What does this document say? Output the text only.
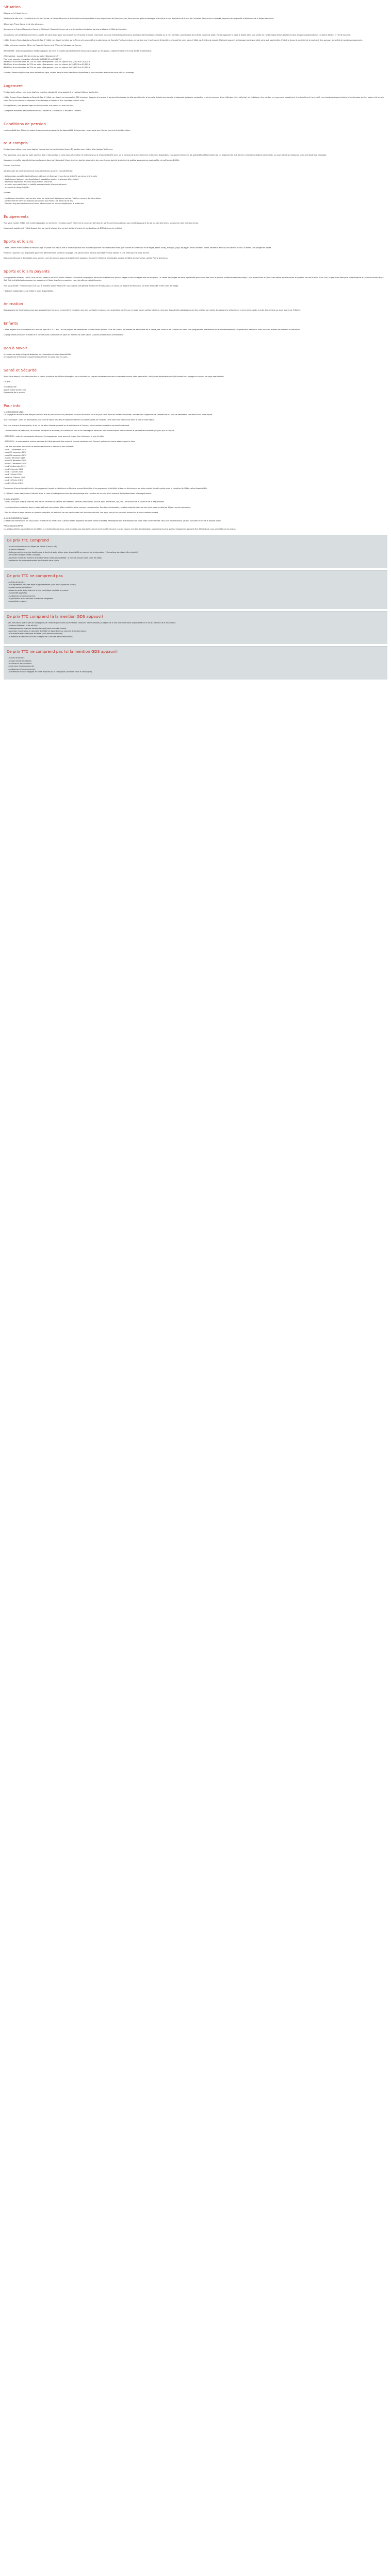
Situation
Découvrez le Prévert Mayo...
Situés sur la côte d'Acr l'acadéè et au sud de Cancale, le Prévert Mayo est la destination touristique idéale la plus importantes du Mont pour, le à deux pour de golfs de Romagne mais entre le cent dominants de la mer de Cancalles. Bienvenue au l'acadéè, royaume des apprentiff et fonfenaux de la florate exclusive !
Séjournez à Phare Cancal et de très attrayant...
Au cœur de la France Mayo entre Cancal et Chalmont, Plaza del Carmen est une des stations balnéaires les plus prisées de la Côte de Cancalles.
Conçue pour ses nombreux commerces, proche de votre séjour pour vous inspirer sur le Quinta Gramola, charmante structure mettant les commerces, boutiques et thomaloges. Résidez sur la mer Cantillac. aussi la sous de la tâche rangée de sable. Elle se rapproche le point le depart idéal pour visiter les ruines mayas (Tulum et cherten Itza), les parcs écotouristiques (Xcaret et Xel-Ha) et l'île de Cozumel.
L'hôtel Dreams Puerto Aventuras Resort & Spa 5* (hôtel non classé) est situé sur la Rivera et à proximité de la plateforme de Cancalle Puerto Aventuras, en bord de mer. Il se trouve à 4 kilomètres d'un golf de vents bains. L'hôtel est à 65 km de Lescale Chalmont Lauca 45 et l'aeroport sans haut juliet, ainsi qu'à aux familles. L'hôtel se trouve à proximité de la marina et d'un parcours de golf et de nombreux restaurants.
L'hôtel se trouve à environ 20 km de Plaza del Carmen et à 77 km de l'aéroport de Cancun.
INFO UEBITE : Selon les conditions météorologiques, de vents et marées peuvent ramener beaucoup d'algues sur les plages, notamment entre les mois de Mai et Décembre.
Offre spéciale : Jusqu'à 35% de remise sur votre hébergement !*
Pour toute nouvelle réservation effectuée du 01/09/19 au 11/10/19*.
Bénéficiez d'une réduction de 32% sur votre hébergement, pour les séjours du 01/09/19 au 18/10/19.
Bénéficiez d'une réduction de 33% sur votre hébergement, pour les séjours du 19/10/19 au 01/11/19.
Bénéficiez d'une réduction de 35% sur votre hébergement, pour les séjours du 01/11/19 au 31/12/19.
*A noter : Remise déjà incluse dans les tarifs en ligne, valable dans la limite des stocks disponibles et non cumulable avec toute autre offre ou avantage.
Logement
Pendant votre séjour, vous serez logé une chambre standard à accompagnée à la catégorie Deluxe Vue Jardin).
L'hôtel Dreams Puerto Aventuras Resort & Spa 5* (hôtel non classé) est composé de 305 chambres équipées d'un grand lit ou deux lits doubles, de lofts conditionnés, d'une salle de bain avec douche et baignoire, peignoirs, pantoufles et sèche-cheveux, d'une télévision, d'un coffre-fort, du téléphone, d'un minibar et, moyennant supplément, d'un Interface et l'accès wifi. Les chambres disposent toutes d'une terrasse ou d'un balcon et d'un coin salon. Toutes les chambres disposent d'une terrasse ou balcon et d'un carrelage en terre cuite.
En supplément, vous pouvez loger en chambre avec vue piscine ou avec vue mer.
La capacité maximale des chambres est de 3 adultes et 2 enfants ou 3 adultes et 1 enfant.
Conditions de pension
La disponibilité des différents modes de pension est pas garantie. La disponibilité de la pension choisie vous sera faite au moment de la réservation.
tout compris
Pendant votre séjour, vous serez logé en formule tout inclus (Unlimited Luxury®). Vouillez nous référer à la rubrique Tout Inclus.
Pour vos repas, vous pourrez opter pour l'un des 5 restaurants à la carte (sans réservation et restrictions) ou le restaurant buffet servi sur le terrasse de la mer. Parmi les restaurants disponibles, vous pourrez découvrir les spécialités méditerranéennes, un restaurant de fruit de mer à midi et une bakerie seulement), un snack bar et un restaurant snack grill situé face à la plage.
Vous pourrez profiter des rafraîchissements servis dans les 5 bars dont 2 bars situés en bord de plage et un bar ouvert au au bord de la piscine (de oublies. Vous pourrez aussi profiter du café ouvert 24/24h.
Formule tout inclus :
Dans le cadre de votre formule tout inclus (Unlimited Luxury®), vous bénéficiez :
- de la pension complète (petit-déjeuner, déjeuner et dîner) servi sous forme de buffet ou menus et à la carte
- des boissons (boissons non alcoolisées et alcoolisées locales, vins locaux, bière inclut).
- des snacs disponibles en cours de journée au snack bar
- un accès sans restriction à la totalité aux restaurants à la carte et servis
- un service à l'étage 24h/24h
A noter :
- Les boissons alcoolisées sont servies selon les horaires et réglages au sein de l'hôtel au moment de votre séjour.
- Il est interdit de servir les boissons alcoolisées aux mineurs de moins de 18 ans.
- Pantalon long pour les hommes et tenue décente pour les femmes exigés pour le restaurant.
Équipements
Pour votre confort, l'hôtel met à votre disposition un service de réception ouvert 24h/24 et la connexion wifi dans les parties communes et dans vos chambres (vous et du bar ou salle des loisirs, une piscine, bain à remous et bar.
Moyennant supplément, l'hôtel dispose d'un bureau de change d'un service de blanchisserie et une boutique de DVD et un centre médical.
Sports et loisirs
L'hôtel Dreams Puerto Aventuras Resort & Spa 5* (hôtel non classé) met à votre disposition des activités sportives non motorisées telles que : sorties en catamaran et de kayak, beach volley, mini golf, yoga, aquagym, tennis de table, billard, fléchettes ainsi qu'une salle de fitness. Et même une plongée en apnée.
Plusieurs s piscines sont disponibles pour vous détendre dont une face à la plage, une piscine située dans la zone réservée aux adultes et une 3ème piscine Relax de mini.
Des cours découverte de natation ainsi que des cours de plongée sous-marin également proposés. Un court à l'intérieur à la plongée au prise et libéré ainsi qu'un bar, golf de Puerto Aventuras.
Sports et loisirs payants
En supplément et face à l'hôtel, vous pourrez visiter le marine "Dolphin Dreams". Un endroit unique pour découvrir l'hôtel et vous pourrez nager au bain du kayak avec les dauphins. Un centre de plongée est situé à proximité pour suivre des cours et pour en profitez durant votre séjour, vous aurez accès au Parc Earth Walker pour les accès aux grottes face de Primera Plaza Golf, ce parcourra offre pour un tarif spécial au parcours Riviera Maya Golf Club (activités tout dégageant en supplément). Notez la présence aussi des cours de pêcheurs et cérémonies.
Pour vous relaxer, l'hôtel dispose d'un spa, le "Dreams Spa by Pevonia®" (qui propose une gamme de soins et de massages), un sauna, un espace de relaxation, un salon de beauté et des salles de visage.
* Activités indépendantes de l'hôtel et selon disponibilités.
Animation
Des programmes d'animations vous sont proposés tous les jours, en journée et en soirée, avec des spectacles musicaux, des projections de films sur la plage ou des soirées à thèmes, ainsi que des activités spéciales qui ont lieu soit l'on pot mixtes. Le programme prévisionnel et sera remis à votre arrivée directement sur place auprès de l'hôtelier.
Enfants
L'hôtel dispose d'un club destiné aux enfants âgés de 3 à 12 ans. Le club propose de nombreuses activités telles que des cours de cuisine, des ateliers de découverte de la nature, des concours de châteaux de sable. Des programmes d'animations et de divertissement et à la production des loisirs avec aussi des ateliers de moments et artisanats.
Le programme précis des activités et le horaires sont à consulter sur place au moment de votre séjour. (Soyons d'informations informations)
Bon à savoir
Un service de baby-sitting est disponible sur réservation et selon disponibilités.
Un programme d'animation coupant est également en place pour les soins.
Santé et Sécurité
Avant votre départ, consultez consulter le site du ministère des Affaires étrangères pour connaître les risques sanitaires éventuels ou pouvant survenir votre destination : http://www.diplomatie.gouv.fr/fr/conseils-aux-voyageurs-conseils par pays-destinations/
Les plus :
Grande piscine
Spa et centre de bien-être
À proximité de la marina
Pour info
1 - INFORMATION UEBI :
Les voyageurs de nationalité française doivent être en possession d'un passeport en cours de validité pour les pays visés. Pour les autres nationalités, veuillez vous rapprocher de l'ambassade du pays de destination concerné avant votre départ.
Taxe touristique : selon les destinations, une taxe de séjour peut être à régler directement sur place auprès de l'hôtelier. Cette taxe n'est pas incluse dans le prix de votre séjour.
Pour tout manque de documents, et en cas de refus d'embarquement ou de refoulement à l'arrivée, aucun remboursement ne pourra être réclamé.
- La consultation de l'aéroport, les horaires de départ et d'arrivée, les numéros de vols et les compagnies aériennes sont communiqués à titre indicatif et peuvent être modifiés jusqu'au jour du départ.
- ATTENTION : selon les compagnies aériennes, les bagages en soute peuvent ne pas être inclus dans le prix du billet.
- ATTENTION : le restaurant et certains services de l'hôtel peuvent être soumis à un code vestimentaire. Pensez à prévoir une tenue adaptée pour le dîner.
- Une liste des dates indicatives de rotation est fournie ci-dessous à titre indicatif :
- lundi 11 novembre 2019
- mardi 19 novembre 2019
- mardi 26 novembre 2019
- mardi 3 décembre 2019
- mardi 10 décembre 2019
- mardi 17 décembre 2019
- lundi 30 décembre 2019
- lundi 20 janvier 2020
- lundi 27 janvier 2020
- lundi 3 février 2020
- vendredi 7 février 2020
- lundi 10 février 2020
- lundi 24 février 2020
Programme d'excursions et circuits : les voyageurs français en résidence au Mexique peuvent bénéficier d'un programme d'activités, à réserver directement sur place auprès de votre guide ou de la réception de l'hôtel, selon disponibilités.
2 - Veillez à l'ordre des papiers d'identité et de la carte d'embarquement lors de votre passage aux contrôles de sécurité et au moment de la présentation à l'enregistrement.
3 - BON À SAVOIR :
- Il est à noter que chaque hôtel est libre de ses horaires d'ouverture des différents services (restaurants, piscine, bars, animations, spa, etc.) en fonction de la saison et de la fréquentation.
- Les informations contenues dans ce descriptif sont susceptibles d'être modifiées et ne sont pas contractuelles. Pour toute réclamation, veuillez contacter notre service client dans un délai de 30 jours après votre retour.
- Pour les offres en demi-pension ou pension complète, les boissons ne sont pas incluses sauf mention contraire. Les repas non pris ne pourront donner lieu à aucun remboursement.
4 - RÈGLEMENTATION TABAC :
Le tabac est interdit dans les lieux publics fermés et les restaurants. Certains hôtels disposent de zones fumeurs dédiées. Renseignez-vous à la réception de votre hôtel à votre arrivée. Pour plus d'informations, veuillez consulter le site de la douane locale.
PRÉCISION DESCRIPTIF :
Les photos utilisées pour présenter les hôtels et la destination sont non contractuelles. Les descriptifs, prix et services affichés sont ceux en vigueur à la date de publication. Les chambres ainsi que leur équipement peuvent être différents de ceux présentés sur les photos.
Ce prix TTC comprend
- Les vols internationaux au départ de France (Cancun A/R).
- Les taxes d'aéroport.
- L'hébergement en chambre double pour la durée de votre séjour selon disponibilité au moment de la réservation (informations données à titre indicatif).
- Le transfert aéroport / hôtel / aéroport.
- La pension choisie au moment de la réservation (selon disponibilité) : le type de pension varie selon les dates.
- L'assistance de notre représentant local durant votre séjour.
Ce prix TTC ne comprend pas
- Les frais de dossier.
- Les suppléments pour des repas supplémentaires (hors dans la pension choisie).
- Les assurances facultatives.
- La taxe de sortie de territoire et la taxe touristique à acheter sur place.
- Les activités payantes.
- Les dépenses d'ordre personnel.
- Les pourboires et les services à caractère obligatoire.
- Les pourboires usuels.
Ce prix TTC comprend (à la mention GDS appauvi)
- Vols aller-retour opérés par les compagnies de l'Internet partenaire (sauf mention contraire, à titre indicatif) au départ de la ville choisie et selon disponibilité sur le vol au moment de la réservation.
- Les taxes d'aéroport et de sécurité.
- L'hébergement en chambre double standard (selon la durée choisie).
- La pension choisie selon le descriptif de l'hôtel et disponibilité au moment de la réservation.
- Les transferts entre l'aéroport et l'hôtel (sauf mention contraire).
- Un membre de l'équipe d'accueil au départ et à l'arrivée (selon destination).
Ce prix TTC ne comprend pas (si la mention GDS appauvi)
- Les frais de dossier.
- Les assurances facultatives.
- Les visites et les excursions.
- Les services d'ordre personnel.
- Les dépenses d'ordre personnel.
- Les éventuels frais de bagages en soute imposés par la compagnie (variables selon la compagnie).
